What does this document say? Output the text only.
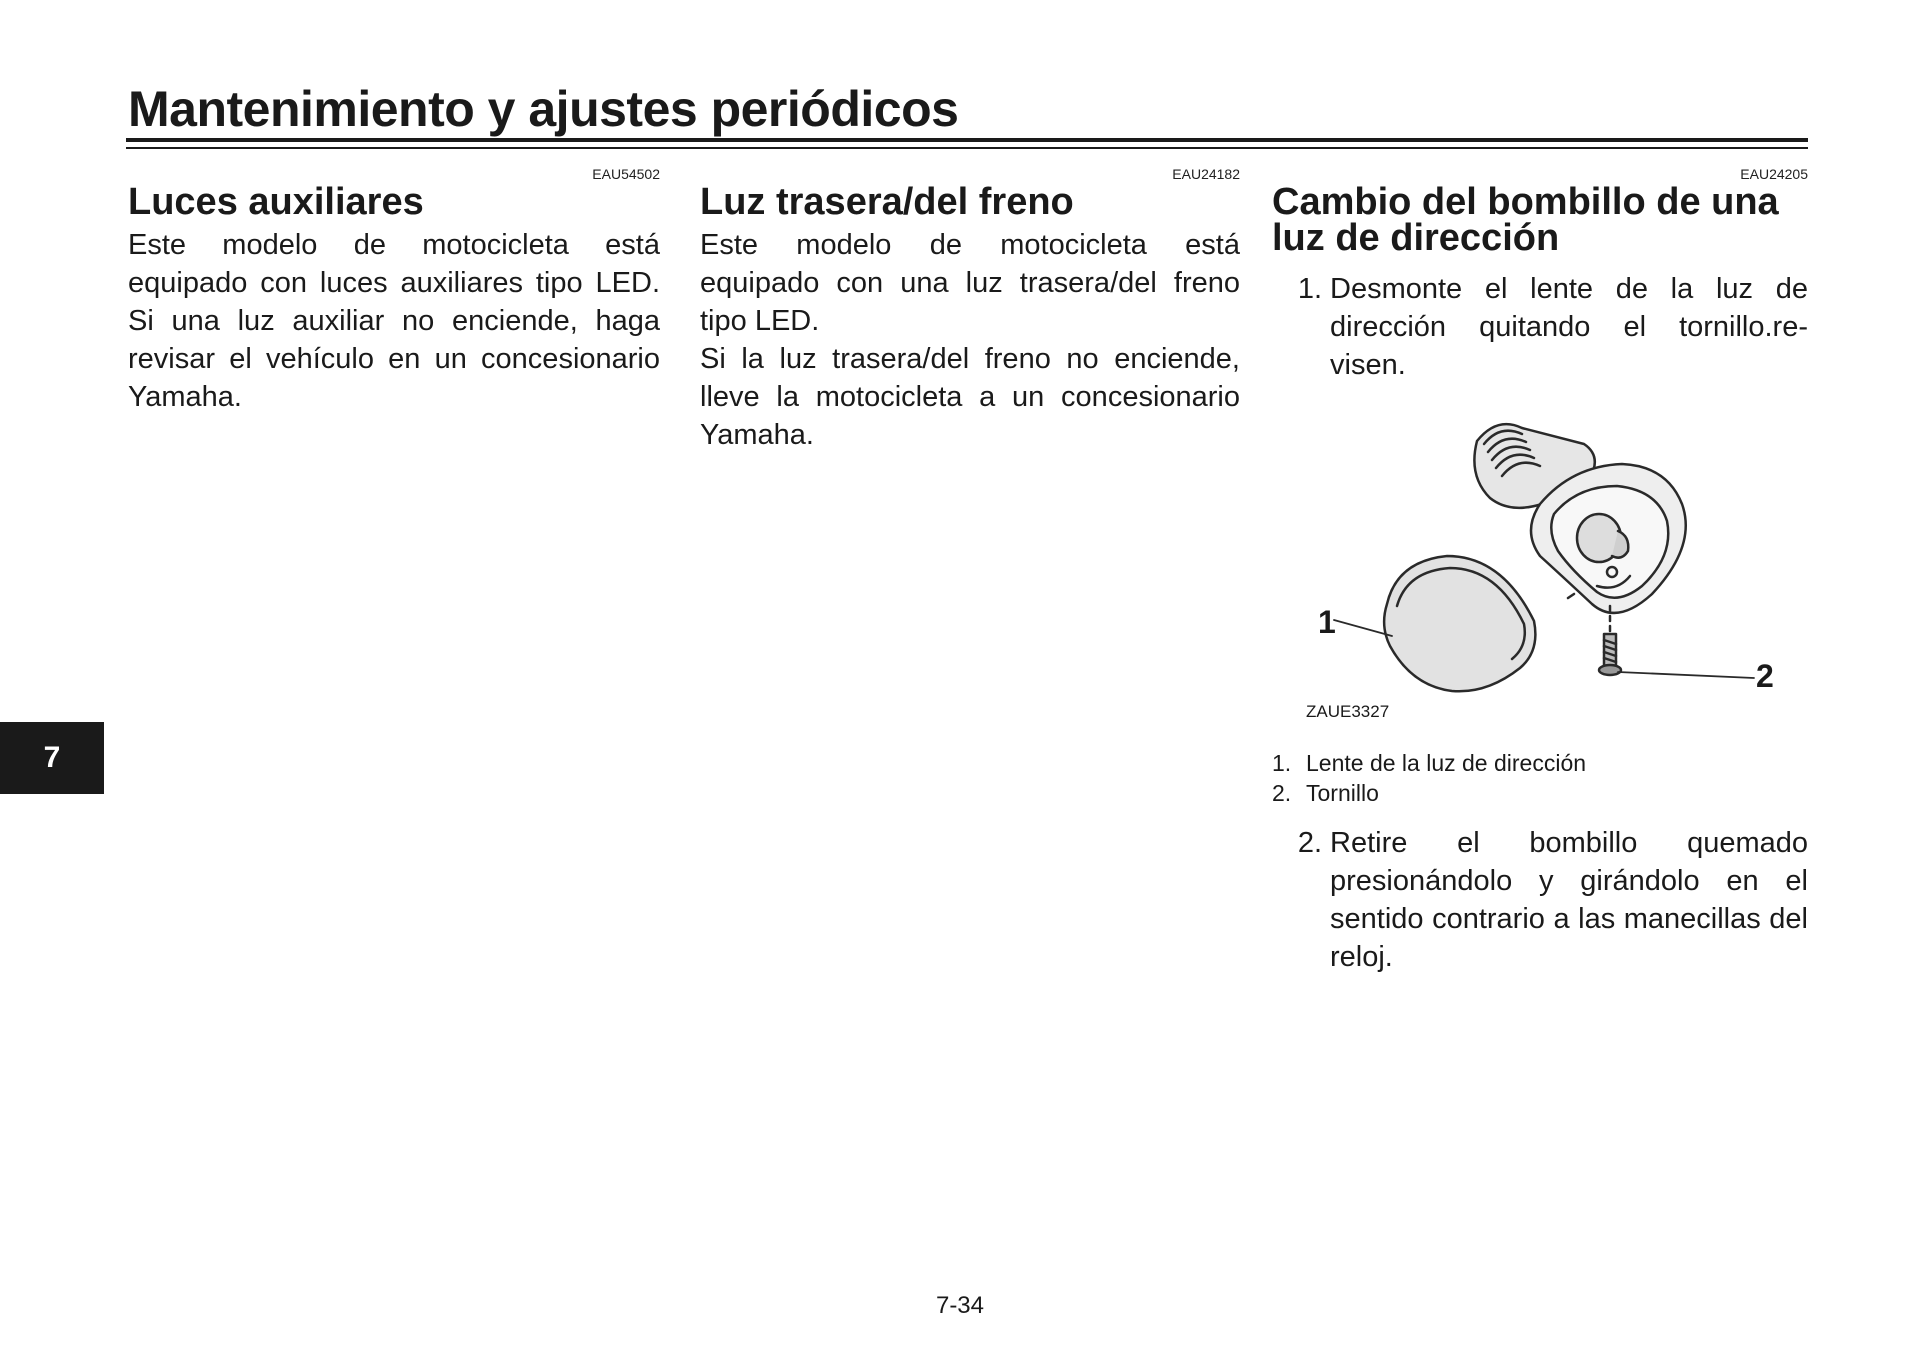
Mantenimiento y ajustes periódicos
EAU54502
Luces auxiliares

Este modelo de motocicleta está equipado con luces auxiliares tipo LED. Si una luz auxiliar no enciende, haga revisar el vehículo en un concesionario Yamaha.

EAU24182
Luz trasera/del freno

Este modelo de motocicleta está equipado con una luz trasera/del freno tipo LED.

Si la luz trasera/del freno no enciende, lleve la motocicleta a un concesionario Yamaha.

EAU24205
Cambio del bombillo de una
luz de dirección
1. Desmonte el lente de la luz de dirección quitando el tornillo.re-visen.
1
2
ZAUE3327
1. Lente de la luz de dirección
2. Tornillo
2. Retire el bombillo quemado presionándolo y girándolo en el sentido contrario a las manecillas del reloj.
7
7-34
